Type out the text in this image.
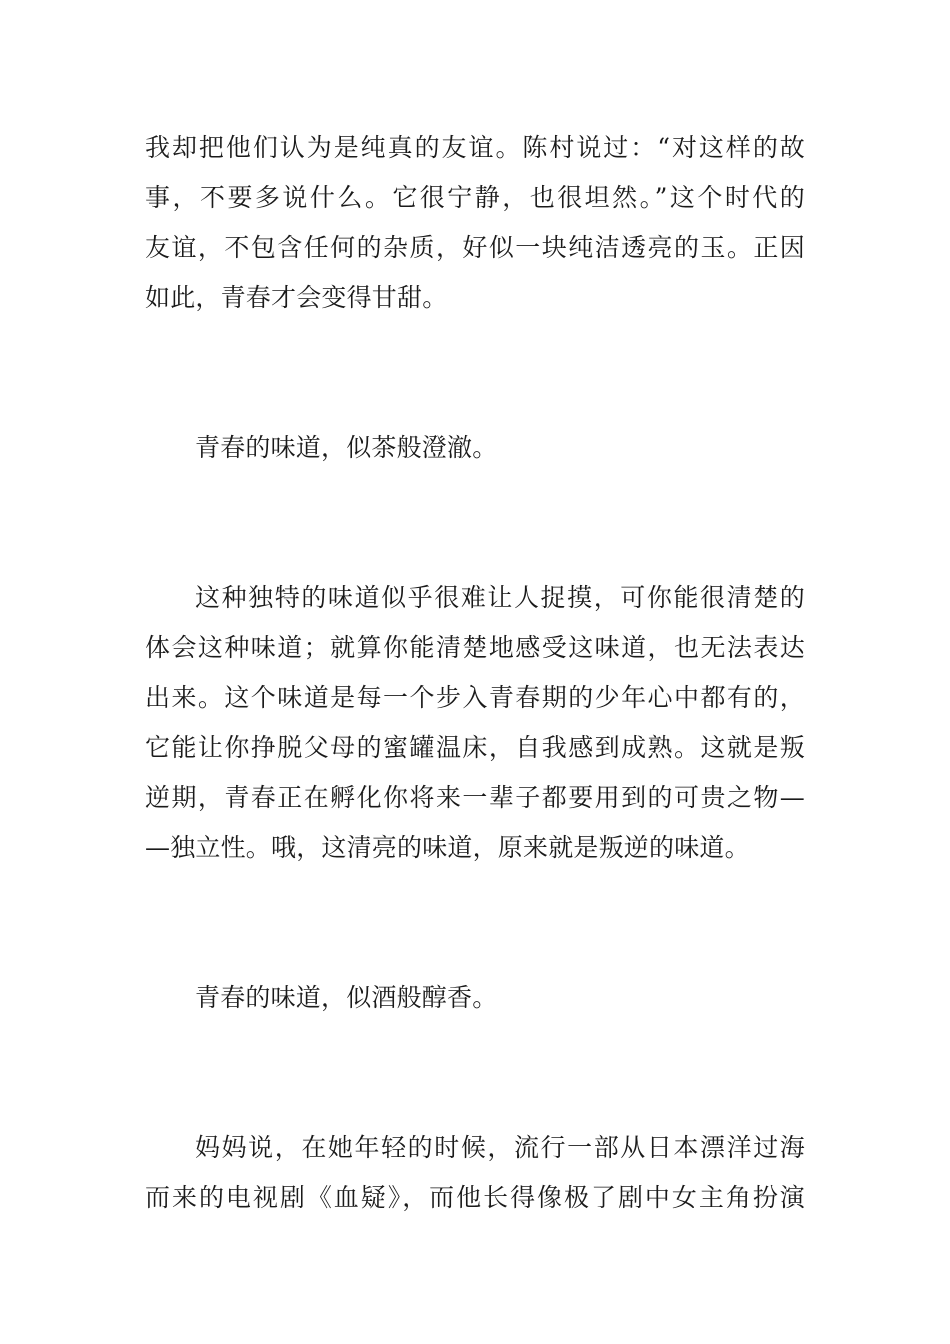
我却把他们认为是纯真的友谊。陈村说过：“对这样的故
事，不要多说什么。它很宁静，也很坦然。”这个时代的
友谊，不包含任何的杂质，好似一块纯洁透亮的玉。正因
如此，青春才会变得甘甜。
青春的味道，似茶般澄澈。
这种独特的味道似乎很难让人捉摸，可你能很清楚的
体会这种味道；就算你能清楚地感受这味道，也无法表达
出来。这个味道是每一个步入青春期的少年心中都有的，
它能让你挣脱父母的蜜罐温床，自我感到成熟。这就是叛
逆期，青春正在孵化你将来一辈子都要用到的可贵之物—
—独立性。哦，这清亮的味道，原来就是叛逆的味道。
青春的味道，似酒般醇香。
妈妈说，在她年轻的时候，流行一部从日本漂洋过海
而来的电视剧《血疑》，而他长得像极了剧中女主角扮演
